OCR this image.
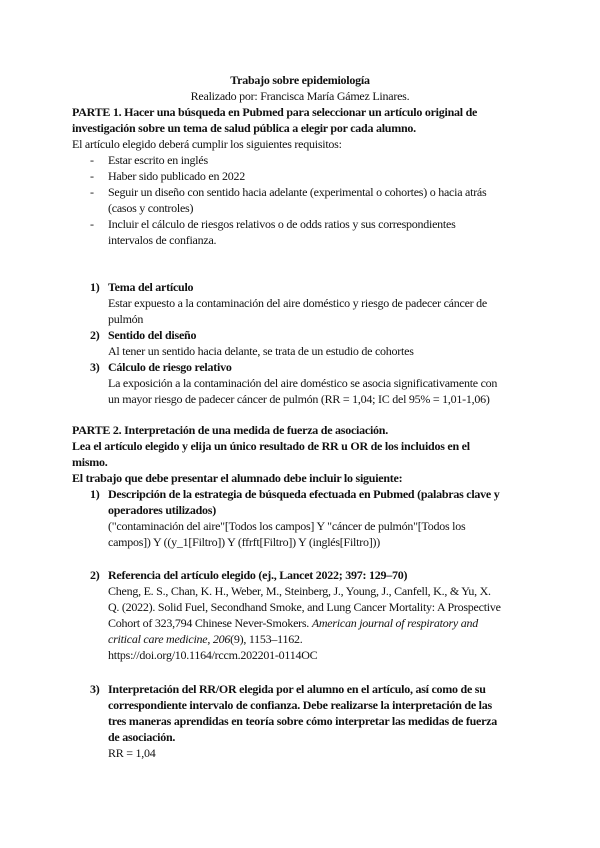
Trabajo sobre epidemiología
Realizado por: Francisca María Gámez Linares.
PARTE 1. Hacer una búsqueda en Pubmed para seleccionar un artículo original de
investigación sobre un tema de salud pública a elegir por cada alumno.
El artículo elegido deberá cumplir los siguientes requisitos:
- Estar escrito en inglés
- Haber sido publicado en 2022
- Seguir un diseño con sentido hacia adelante (experimental o cohortes) o hacia atrás
(casos y controles)
- Incluir el cálculo de riesgos relativos o de odds ratios y sus correspondientes
intervalos de confianza.
1) Tema del artículo
Estar expuesto a la contaminación del aire doméstico y riesgo de padecer cáncer de
pulmón
2) Sentido del diseño
Al tener un sentido hacia delante, se trata de un estudio de cohortes
3) Cálculo de riesgo relativo
La exposición a la contaminación del aire doméstico se asocia significativamente con
un mayor riesgo de padecer cáncer de pulmón (RR = 1,04; IC del 95% = 1,01-1,06)
PARTE 2. Interpretación de una medida de fuerza de asociación.
Lea el artículo elegido y elija un único resultado de RR u OR de los incluidos en el
mismo.
El trabajo que debe presentar el alumnado debe incluir lo siguiente:
1) Descripción de la estrategia de búsqueda efectuada en Pubmed (palabras clave y
operadores utilizados)
("contaminación del aire"[Todos los campos] Y "cáncer de pulmón"[Todos los
campos]) Y ((y_1[Filtro]) Y (ffrft[Filtro]) Y (inglés[Filtro]))
2) Referencia del artículo elegido (ej., Lancet 2022; 397: 129–70)
Cheng, E. S., Chan, K. H., Weber, M., Steinberg, J., Young, J., Canfell, K., & Yu, X.
Q. (2022). Solid Fuel, Secondhand Smoke, and Lung Cancer Mortality: A Prospective
Cohort of 323,794 Chinese Never-Smokers. American journal of respiratory and
critical care medicine, 206(9), 1153–1162.
https://doi.org/10.1164/rccm.202201-0114OC
3) Interpretación del RR/OR elegida por el alumno en el artículo, así como de su
correspondiente intervalo de confianza. Debe realizarse la interpretación de las
tres maneras aprendidas en teoría sobre cómo interpretar las medidas de fuerza
de asociación.
RR = 1,04
